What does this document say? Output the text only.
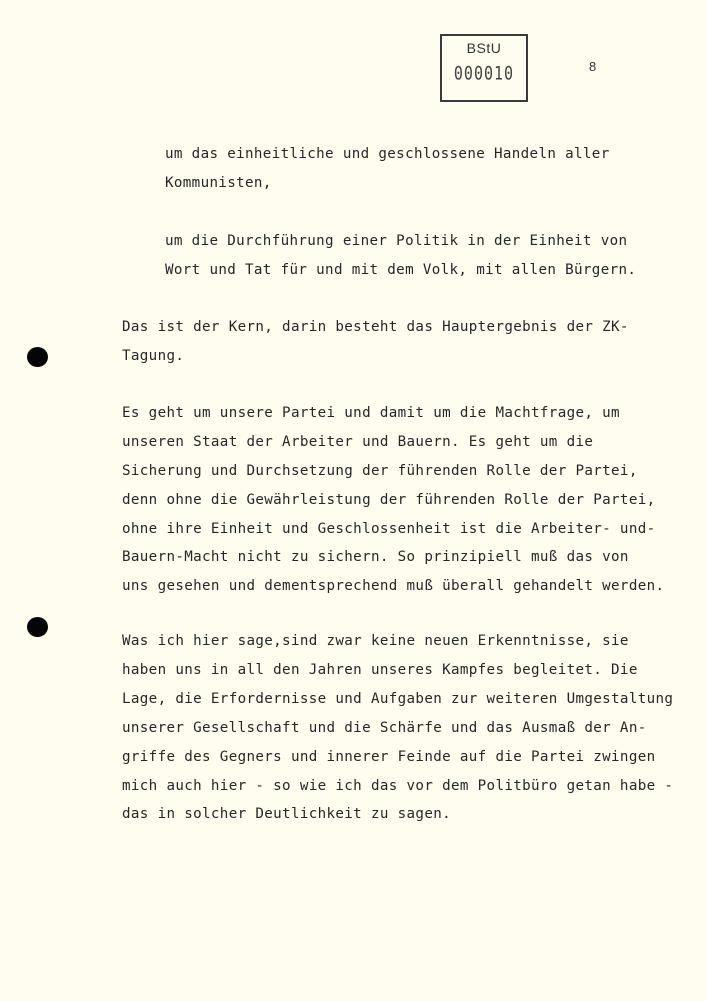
BStU
000010	8
um das einheitliche und geschlossene Handeln aller
Kommunisten,
um die Durchführung einer Politik in der Einheit von
Wort und Tat für und mit dem Volk, mit allen Bürgern.
Das ist der Kern, darin besteht das Hauptergebnis der ZK-
Tagung.
Es geht um unsere Partei und damit um die Machtfrage, um
unseren Staat der Arbeiter und Bauern. Es geht um die
Sicherung und Durchsetzung der führenden Rolle der Partei,
denn ohne die Gewährleistung der führenden Rolle der Partei,
ohne ihre Einheit und Geschlossenheit ist die Arbeiter- und-
Bauern-Macht nicht zu sichern. So prinzipiell muß das von
uns gesehen und dementsprechend muß überall gehandelt werden.
Was ich hier sage,sind zwar keine neuen Erkenntnisse, sie
haben uns in all den Jahren unseres Kampfes begleitet. Die
Lage, die Erfordernisse und Aufgaben zur weiteren Umgestaltung
unserer Gesellschaft und die Schärfe und das Ausmaß der An-
griffe des Gegners und innerer Feinde auf die Partei zwingen
mich auch hier - so wie ich das vor dem Politbüro getan habe -
das in solcher Deutlichkeit zu sagen.
